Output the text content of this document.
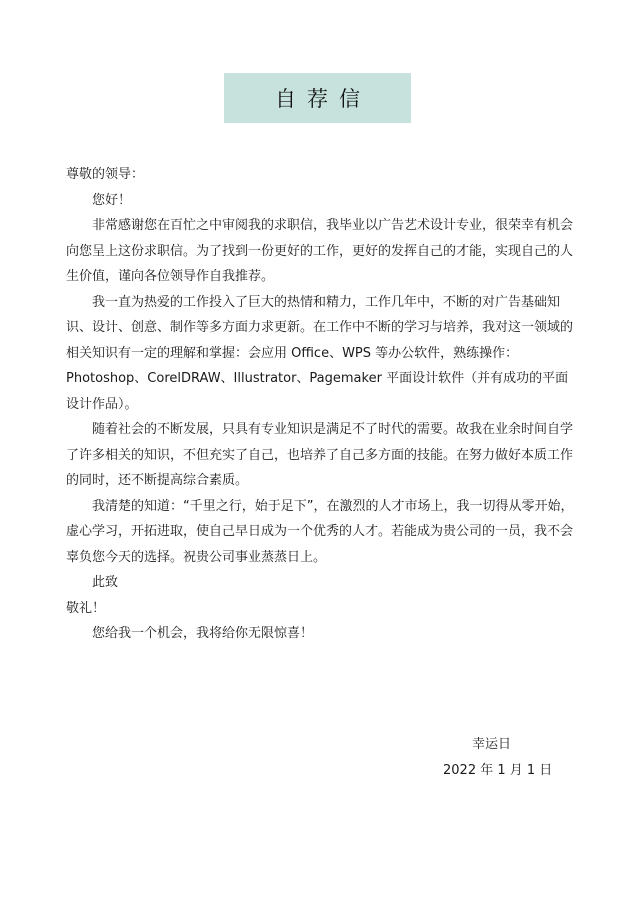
自荐信

尊敬的领导：

您好！

非常感谢您在百忙之中审阅我的求职信，我毕业以广告艺术设计专业，很荣幸有机会向您呈上这份求职信。为了找到一份更好的工作，更好的发挥自己的才能，实现自己的人生价值，谨向各位领导作自我推荐。

我一直为热爱的工作投入了巨大的热情和精力，工作几年中，不断的对广告基础知识、设计、创意、制作等多方面力求更新。在工作中不断的学习与培养，我对这一领域的相关知识有一定的理解和掌握：会应用 Office、WPS 等办公软件，熟练操作：Photoshop、CorelDRAW、Illustrator、Pagemaker 平面设计软件（并有成功的平面设计作品）。

随着社会的不断发展，只具有专业知识是满足不了时代的需要。故我在业余时间自学了许多相关的知识，不但充实了自己，也培养了自己多方面的技能。在努力做好本质工作的同时，还不断提高综合素质。

我清楚的知道：“千里之行，始于足下”，在激烈的人才市场上，我一切得从零开始，虚心学习，开拓进取，使自己早日成为一个优秀的人才。若能成为贵公司的一员，我不会辜负您今天的选择。祝贵公司事业蒸蒸日上。

此致

敬礼！

您给我一个机会，我将给你无限惊喜！

幸运日
2022 年 1 月 1 日
